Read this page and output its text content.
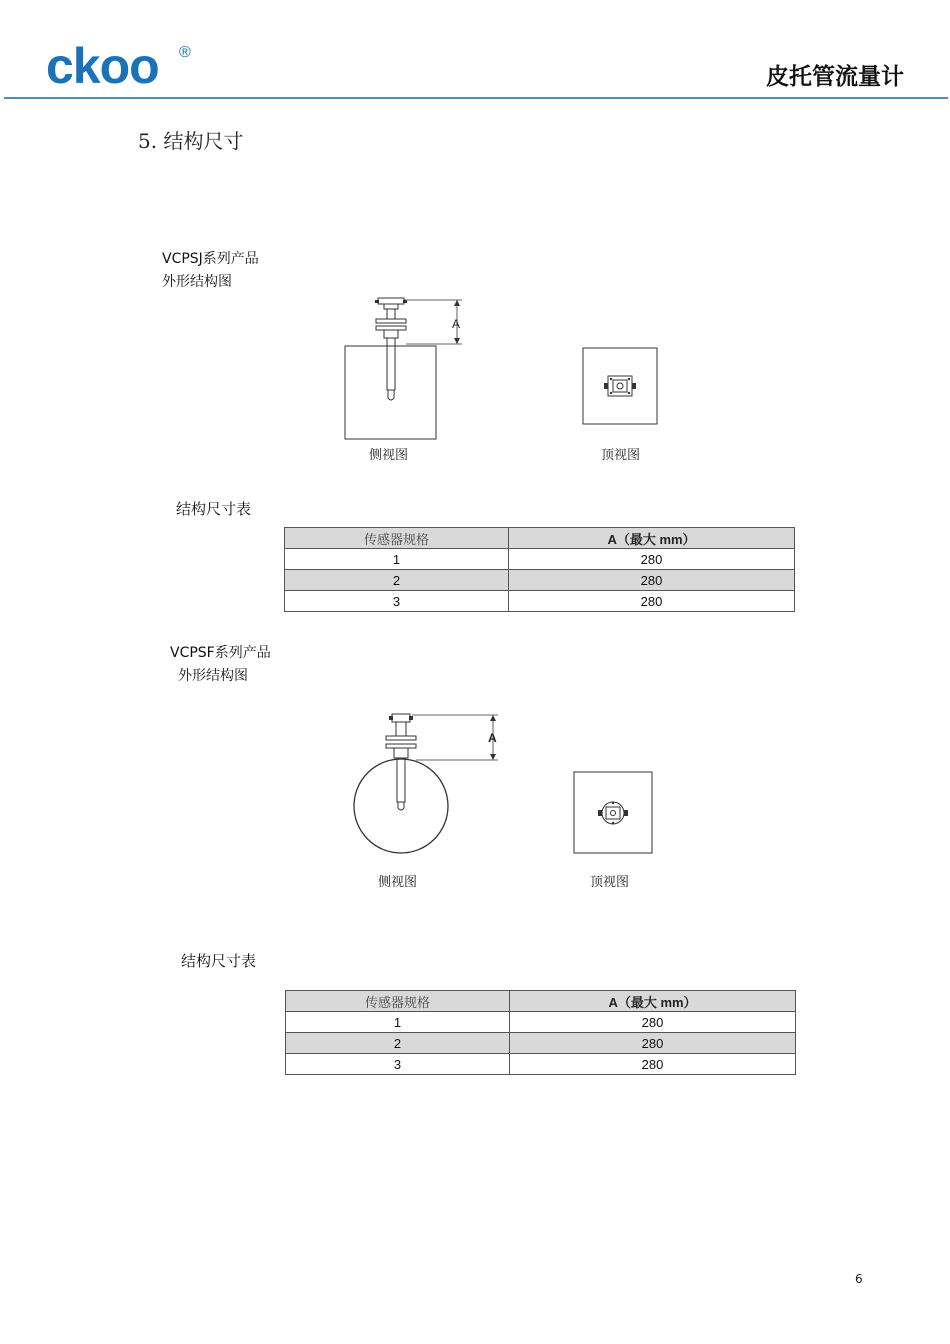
ckoo ®
皮托管流量计
5. 结构尺寸
VCPSJ系列产品
外形结构图
A
侧视图	顶视图
结构尺寸表
传感器规格	A（最大 mm）
1	280
2	280
3	280
VCPSF系列产品
外形结构图
A
侧视图	顶视图
结构尺寸表
传感器规格	A（最大 mm）
1	280
2	280
3	280
6
